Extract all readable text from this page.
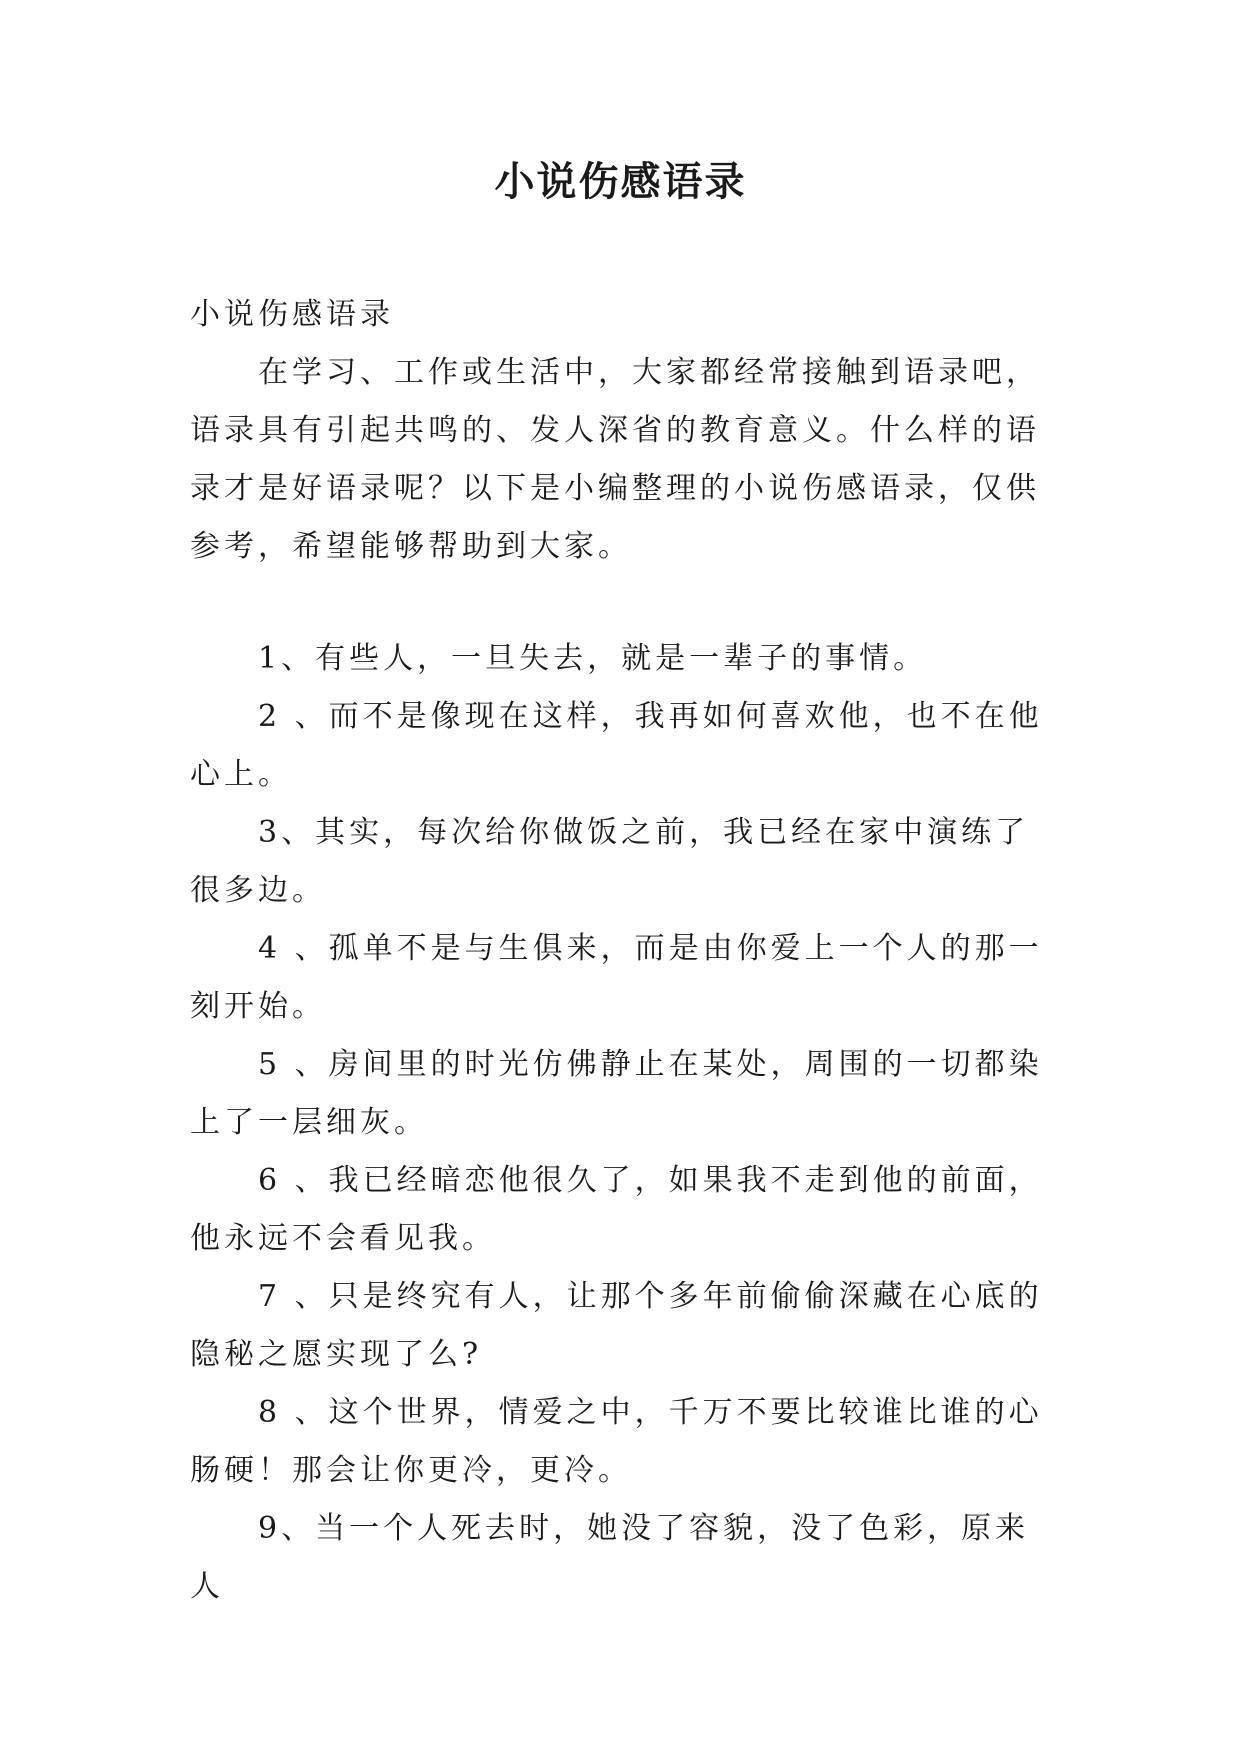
小说伤感语录

小说伤感语录

在学习、工作或生活中，大家都经常接触到语录吧，语录具有引起共鸣的、发人深省的教育意义。什么样的语录才是好语录呢？以下是小编整理的小说伤感语录，仅供参考，希望能够帮助到大家。

1、有些人，一旦失去，就是一辈子的事情。
2 、而不是像现在这样，我再如何喜欢他，也不在他心上。
3、其实，每次给你做饭之前，我已经在家中演练了很多边。
4 、孤单不是与生俱来，而是由你爱上一个人的那一刻开始。
5 、房间里的时光仿佛静止在某处，周围的一切都染上了一层细灰。
6 、我已经暗恋他很久了，如果我不走到他的前面，他永远不会看见我。
7 、只是终究有人，让那个多年前偷偷深藏在心底的隐秘之愿实现了么?
8 、这个世界，情爱之中，千万不要比较谁比谁的心肠硬！那会让你更冷，更冷。
9、当一个人死去时，她没了容貌，没了色彩，原来人
